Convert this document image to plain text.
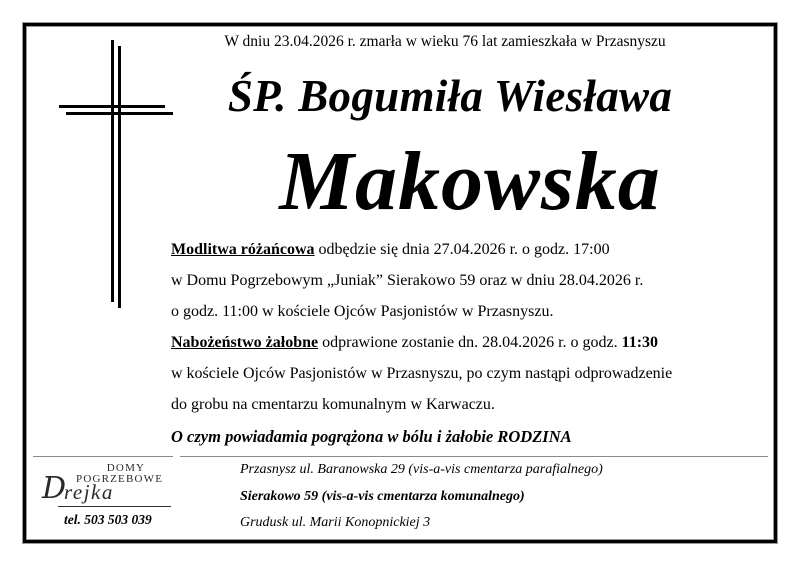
W dniu 23.04.2026 r. zmarła w wieku 76 lat zamieszkała w Przasnyszu
ŚP. Bogumiła Wiesława
Makowska
Modlitwa różańcowa odbędzie się dnia 27.04.2026 r. o godz. 17:00
w Domu Pogrzebowym „Juniak” Sierakowo 59 oraz w dniu 28.04.2026 r.
o godz. 11:00 w kościele Ojców Pasjonistów w Przasnyszu.
Nabożeństwo żałobne odprawione zostanie dn. 28.04.2026 r. o godz. 11:30
w kościele Ojców Pasjonistów w Przasnyszu, po czym nastąpi odprowadzenie
do grobu na cmentarzu komunalnym w Karwaczu.
O czym powiadamia pogrążona w bólu i żałobie RODZINA
DOMY
POGRZEBOWE
D
rejka
tel. 503 503 039
Przasnysz ul. Baranowska 29 (vis-a-vis cmentarza parafialnego)
Sierakowo 59 (vis-a-vis cmentarza komunalnego)
Grudusk ul. Marii Konopnickiej 3
